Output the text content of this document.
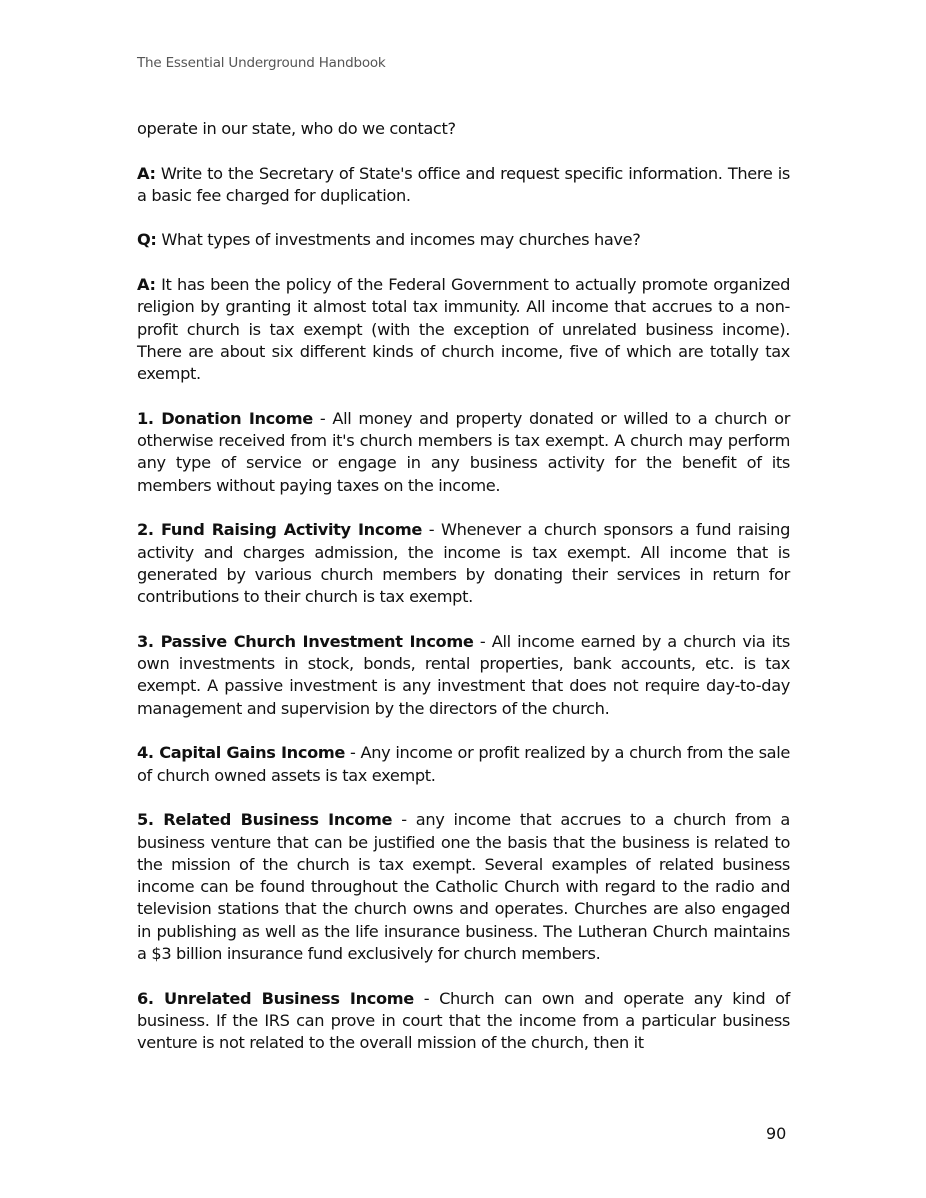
The Essential Underground Handbook

operate in our state, who do we contact?

A: Write to the Secretary of State's office and request specific information. There is a basic fee charged for duplication.

Q: What types of investments and incomes may churches have?

A: It has been the policy of the Federal Government to actually promote organized religion by granting it almost total tax immunity. All income that accrues to a non-profit church is tax exempt (with the exception of unrelated business income). There are about six different kinds of church income, five of which are totally tax exempt.

1. Donation Income - All money and property donated or willed to a church or otherwise received from it's church members is tax exempt. A church may perform any type of service or engage in any business activity for the benefit of its members without paying taxes on the income.

2. Fund Raising Activity Income - Whenever a church sponsors a fund raising activity and charges admission, the income is tax exempt. All income that is generated by various church members by donating their services in return for contributions to their church is tax exempt.

3. Passive Church Investment Income - All income earned by a church via its own investments in stock, bonds, rental properties, bank accounts, etc. is tax exempt. A passive investment is any investment that does not require day-to-day management and supervision by the directors of the church.

4. Capital Gains Income - Any income or profit realized by a church from the sale of church owned assets is tax exempt.

5. Related Business Income - any income that accrues to a church from a business venture that can be justified one the basis that the business is related to the mission of the church is tax exempt. Several examples of related business income can be found throughout the Catholic Church with regard to the radio and television stations that the church owns and operates. Churches are also engaged in publishing as well as the life insurance business. The Lutheran Church maintains a $3 billion insurance fund exclusively for church members.

6. Unrelated Business Income - Church can own and operate any kind of business. If the IRS can prove in court that the income from a particular business venture is not related to the overall mission of the church, then it

90
